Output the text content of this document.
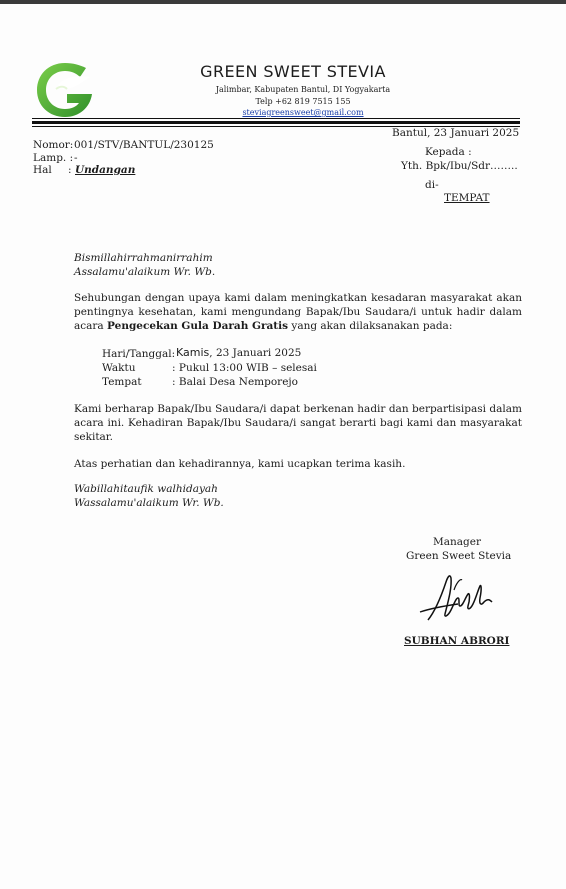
GREEN SWEET STEVIA
Jalimbar, Kabupaten Bantul, DI Yogyakarta
Telp +62 819 7515 155
steviagreensweet@gmail.com
Bantul, 23 Januari 2025
Nomor: 001/STV/BANTUL/230125
Lamp. : -
Hal : Undangan
Kepada :
Yth. Bpk/Ibu/Sdr……..
di-
TEMPAT
Bismillahirrahmanirrahim
Assalamu'alaikum Wr. Wb.
Sehubungan dengan upaya kami dalam meningkatkan kesadaran masyarakat akan pentingnya kesehatan, kami mengundang Bapak/Ibu Saudara/i untuk hadir dalam acara Pengecekan Gula Darah Gratis yang akan dilaksanakan pada:
Hari/Tanggal: Kamis, 23 Januari 2025
Waktu	: Pukul 13:00 WIB – selesai
Tempat	: Balai Desa Nemporejo
Kami berharap Bapak/Ibu Saudara/i dapat berkenan hadir dan berpartisipasi dalam acara ini. Kehadiran Bapak/Ibu Saudara/i sangat berarti bagi kami dan masyarakat sekitar.
Atas perhatian dan kehadirannya, kami ucapkan terima kasih.
Wabillahitaufik walhidayah
Wassalamu'alaikum Wr. Wb.
Manager
Green Sweet Stevia
SUBHAN ABRORI
